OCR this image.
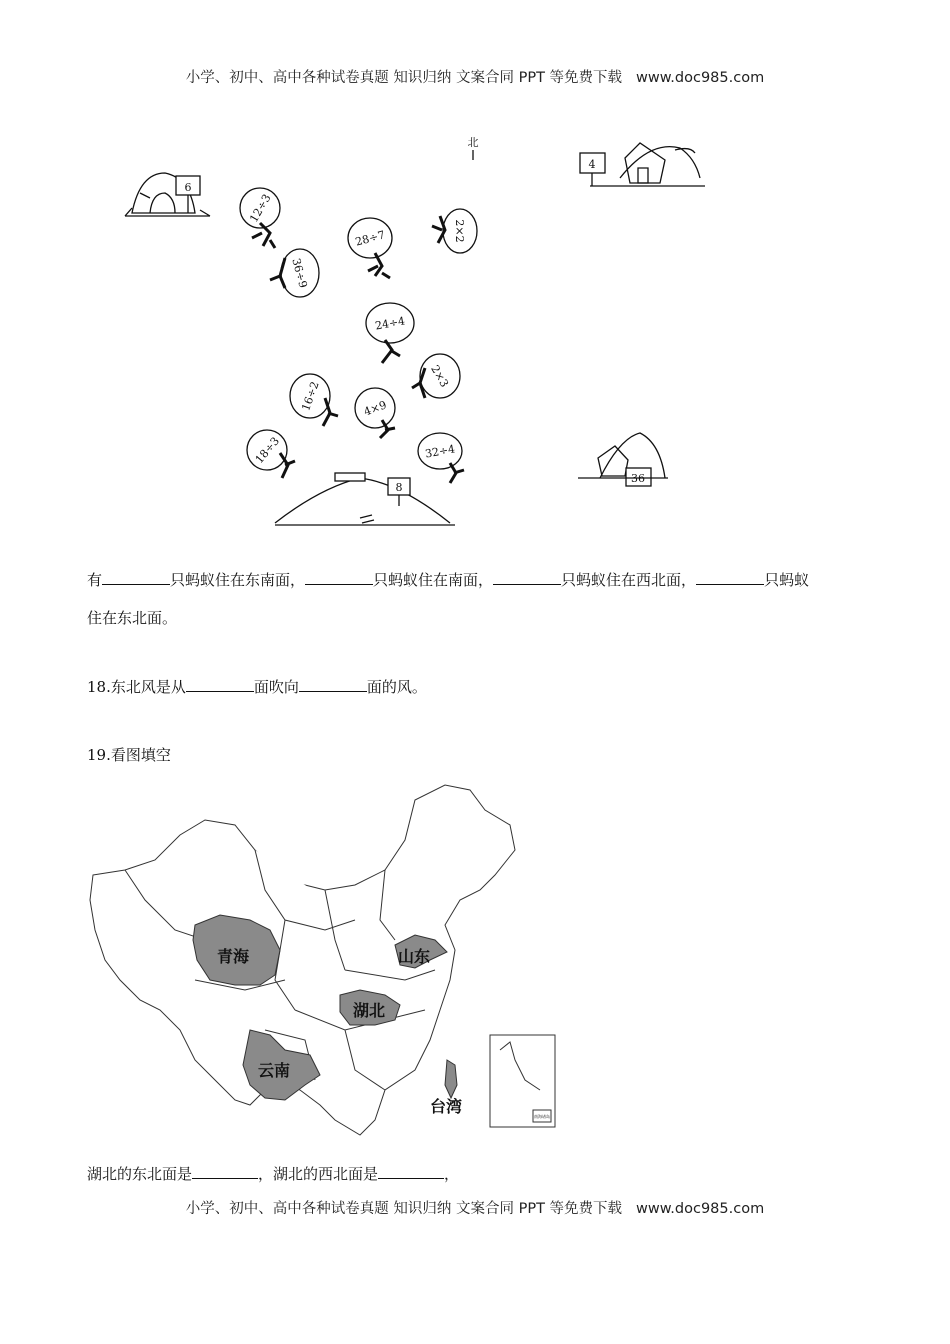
小学、初中、高中各种试卷真题 知识归纳 文案合同 PPT 等免费下载 www.doc985.com
北
6
4
8
36
12÷3
28÷7	2×2
36÷9
24÷4
2×3
16÷2	4×9
18÷3	32÷4
有	只蚂蚁住在东南面，	只蚂蚁住在南面，	只蚂蚁住在西北面，	只蚂蚁
住在东北面。
18.东北风是从	面吹向	面的风。
19.看图填空
青海	山东
湖北
云南
台湾
南海诸岛
湖北的东北面是	，湖北的西北面是	，
小学、初中、高中各种试卷真题 知识归纳 文案合同 PPT 等免费下载 www.doc985.com
